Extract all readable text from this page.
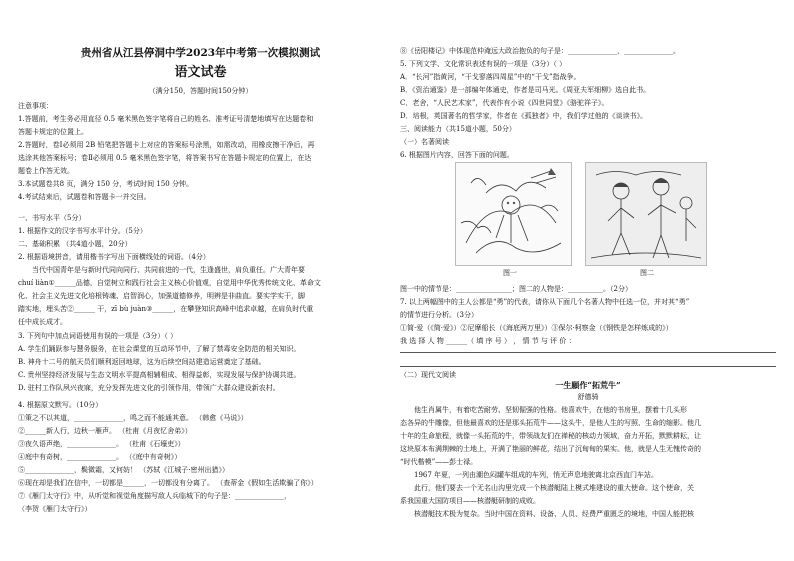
贵州省从江县停洞中学2023年中考第一次模拟测试
语文试卷
（满分150，答题时间150分钟）
注意事项：
1.答题前，考生务必用直径 0.5 毫米黑色签字笔将自己的姓名、准考证号清楚地填写在达题卷和
答题卡规定的位置上。
2.答题时，卷Ⅰ必须用 2B 铅笔把答题卡上对应的答案标号涂黑，如需改动，用橡皮擦干净后，再
选涂其他答案标号；卷Ⅱ必须用 0.5 毫米黑色签字笔，将答案书写在答题卡规定的位置上，在达
题卷上作答无效。
3.本试题卷共8 页，满分 150 分，考试时间 150 分钟。
4.考试结束后，试题卷和答题卡一并交回。
一、书写水平（5分）
1. 根据作文的汉字书写水平计分。（5分）
二、基础积累 （共4道小题，20分）
2. 根据语境拼音，请用楷书字写出下面横线处的词语。（4分）
当代中国青年是与新时代同向同行、共同前进的一代，生逢盛世，肩负重任。广大青年要
chuí liàn①______品德，自觉树立和践行社会主义核心价值观，自觉用中华优秀传统文化、革命文
化、社会主义先进文化培根铸魂、启智润心，加强道德修养，明辨是非曲直。要实学实干，脚
踏实地，埋头苦②______ 干，zī bù juàn③______，在攀登知识高峰中追求卓越，在肩负时代重
任中成长成才。
3. 下列句中加点词语使用有误的一项是（3分）（ ）
A. 学生们踊跃参与慧务服务，在社会课堂的互动环节中，了解了禁毒安全防范的相关知识。
B. 神舟十二号的航天员们顺利返回地球，这为后续空间站建造运营奠定了基础。
C. 贵州坚持经济发展与生态文明水平提高相辅相成、相得益彰，实现发展与保护协调共进。
D. 驻村工作队夙兴夜寐，充分发挥先进文化的引领作用，带领广大群众建设新农村。
4. 根据原文默写。（10分）
①策之不以其道，______________，鸣之而不能通其意。 （韩愈《马说》）
②______新人行，边秋一雁声。 （杜甫《月夜忆舍弟》）
③夜久语声绝，______________。 （杜甫《石壕吏》）
④庭中有奇树，______________。 （《庭中有奇树》）
⑤______________，鬓微霜，又何妨！ （苏轼《江城子·密州出猎》）
⑥现在却是我们在信中，一切都是______，一切都没有分离了。 （查蒂金《假如生活欺骗了你》）
⑦《雁门太守行》中，从听觉和视觉角度描写敌人兵临城下的句子是：______________，
（李贺《雁门太守行》）
⑧《岳阳楼记》中体现范仲淹远大政治抱负的句子是：______________，______________。
5. 下列文学、文化常识表述有误的一项是（3分）（ ）
A．“长河”指黄河，“干戈寥落四周星”中的“干戈”指战争。
B．《资治通鉴》是一部编年体通史，作者是司马光。《周亚夫军细柳》选自此书。
C．老舍，“人民艺术家”，代表作有小说《四世同堂》《骆驼祥子》。
D．培根，英国著名的哲学家，作者在《孤独者》中，我们学过他的《谈读书》。
三、阅读能力（共15道小题，50分）
（一）名著阅读
6. 根据图片内容，回答下面的问题。
图一	图二
图一中的情节是：________________；图二的人物是：__________。（2分）
7. 以上两幅图中的主人公都是“勇”的代表，请你从下面几个名著人物中任选一位，并对其“勇”
的情节进行分析。（3分）
①简·爱（《简·爱》）②尼摩船长（《海底两万里》）③保尔·柯察金（《钢铁是怎样炼成的》）
我 选 择 人 物 ______（ 填 序 号 ） ， 情 节 与 评 价 ：
（二）现代文阅读
一生願作“拓荒牛”
舒德骑
他生肖属牛，有着吃苦耐劳、坚韧倔强的性格。他喜欢牛，在他的书房里，摆着十几头形
态各异的牛雕像，但他最喜欢的还是那头拓荒牛——这头牛，是他人生的写照、生命的缩影。他几
十年的生命旅程，就像一头拓荒的牛，带领战友们在禅秘的核动力领域，奋力开拓，默默耕耘，让
这块原本布满荆棘的土地上，开满了艳丽的鲜花，结出了沉甸甸的果实。他，就是人生无愧传奇的
“时代楷模”——彭士禄。
1967 年夏，一列由潮色闷罐车组成的车列，悄无声息地驶离北京西直门车站。
此行，他们要去一个无名山沟里完成一个核潜艇陆上模式堆建设的重大使命。这个使命，关
系我国重大国防项目——核潜艇研制的成败。
核潜艇技术极为复杂。当时中国在资料、设备、人员、经费严重匮乏的境地，中国人能把核
